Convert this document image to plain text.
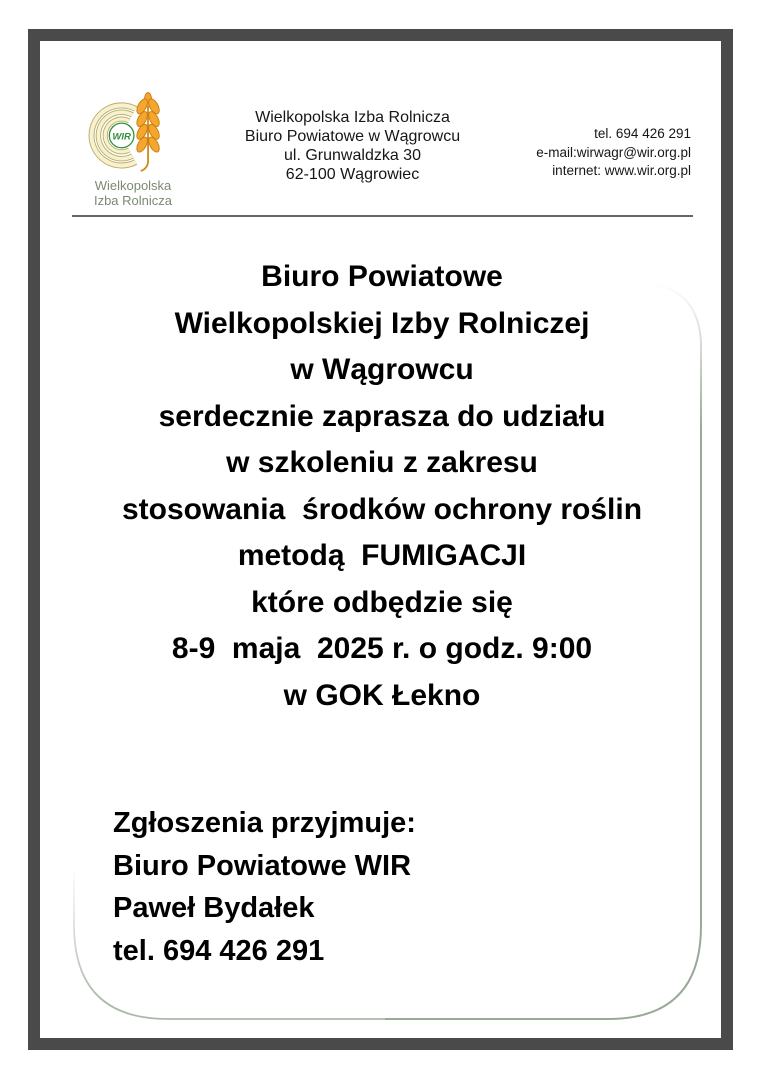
WIR
Wielkopolska
Izba Rolnicza
Wielkopolska Izba Rolnicza
Biuro Powiatowe w Wągrowcu
ul. Grunwaldzka 30
62-100 Wągrowiec
tel. 694 426 291
e-mail:wirwagr@wir.org.pl
internet: www.wir.org.pl
Biuro Powiatowe
Wielkopolskiej Izby Rolniczej
w Wągrowcu
serdecznie zaprasza do udziału
w szkoleniu z zakresu
stosowania  środków ochrony roślin
metodą  FUMIGACJI
które odbędzie się
8-9  maja  2025 r. o godz. 9:00
w GOK Łekno
Zgłoszenia przyjmuje:
Biuro Powiatowe WIR
Paweł Bydałek
tel. 694 426 291
